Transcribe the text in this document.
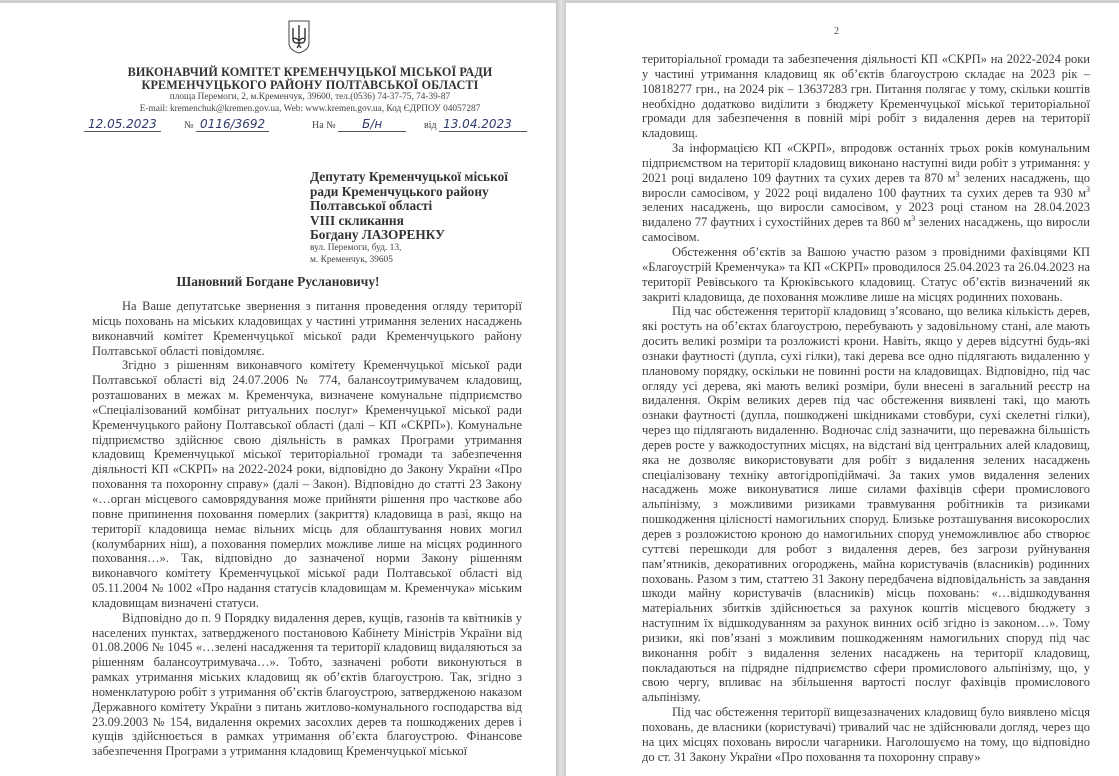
ВИКОНАВЧИЙ КОМІТЕТ КРЕМЕНЧУЦЬКОЇ МІСЬКОЇ РАДИ
КРЕМЕНЧУЦЬКОГО РАЙОНУ ПОЛТАВСЬКОЇ ОБЛАСТІ
площа Перемоги, 2, м.Кременчук, 39600, тел.(0536) 74-37-75, 74-39-87
E-mail: kremenchuk@kremen.gov.ua, Web: www.kremen.gov.ua, Код ЄДРПОУ 04057287
12.05.2023	№ 0116/3692	На № Б/н	від 13.04.2023
Депутату Кременчуцької міської
ради Кременчуцького району
Полтавської області
VIII скликання
Богдану ЛАЗОРЕНКУ
вул. Перемоги, буд. 13,
м. Кременчук, 39605
Шановний Богдане Руслановичу!

На Ваше депутатське звернення з питання проведення огляду території місць поховань на міських кладовищах у частині утримання зелених насаджень виконавчий комітет Кременчуцької міської ради Кременчуцького району Полтавської області повідомляє.

Згідно з рішенням виконавчого комітету Кременчуцької міської ради Полтавської області від 24.07.2006 № 774, балансоутримувачем кладовищ, розташованих в межах м. Кременчука, визначене комунальне підприємство «Спеціалізований комбінат ритуальних послуг» Кременчуцької міської ради Кременчуцького району Полтавської області (далі – КП «СКРП»). Комунальне підприємство здійснює свою діяльність в рамках Програми утримання кладовищ Кременчуцької міської територіальної громади та забезпечення діяльності КП «СКРП» на 2022-2024 роки, відповідно до Закону України «Про поховання та похоронну справу» (далі – Закон). Відповідно до статті 23 Закону «…орган місцевого самоврядування може прийняти рішення про часткове або повне припинення поховання померлих (закриття) кладовища в разі, якщо на території кладовища немає вільних місць для облаштування нових могил (колумбарних ніш), а поховання померлих можливе лише на місцях родинного поховання…». Так, відповідно до зазначеної норми Закону рішенням виконавчого комітету Кременчуцької міської ради Полтавської області від 05.11.2004 № 1002 «Про надання статусів кладовищам м. Кременчука» міським кладовищам визначені статуси.

Відповідно до п. 9 Порядку видалення дерев, кущів, газонів та квітників у населених пунктах, затвердженого постановою Кабінету Міністрів України від 01.08.2006 № 1045 «…зелені насадження та території кладовищ видаляються за рішенням балансоутримувача…». Тобто, зазначені роботи виконуються в рамках утримання міських кладовищ як об’єктів благоустрою. Так, згідно з номенклатурою робіт з утримання об’єктів благоустрою, затвердженою наказом Державного комітету України з питань житлово-комунального господарства від 23.09.2003 № 154, видалення окремих засохлих дерев та пошкоджених дерев і кущів здійснюється в рамках утримання об’єкта благоустрою. Фінансове забезпечення Програми з утримання кладовищ Кременчуцької міської

2

територіальної громади та забезпечення діяльності КП «СКРП» на 2022-2024 роки у частині утримання кладовищ як об’єктів благоустрою складає на 2023 рік – 10818277 грн., на 2024 рік – 13637283 грн. Питання полягає у тому, скільки коштів необхідно додатково виділити з бюджету Кременчуцької міської територіальної громади для забезпечення в повній мірі робіт з видалення дерев на території кладовищ.

За інформацією КП «СКРП», впродовж останніх трьох років комунальним підприємством на території кладовищ виконано наступні види робіт з утримання: у 2021 році видалено 109 фаутних та сухих дерев та 870 $м^3$ зелених насаджень, що виросли самосівом, у 2022 році видалено 100 фаутних та сухих дерев та 930 $м^3$ зелених насаджень, що виросли самосівом, у 2023 році станом на 28.04.2023 видалено 77 фаутних і сухостійних дерев та 860 $м^3$ зелених насаджень, що виросли самосівом.

Обстеження об’єктів за Вашою участю разом з провідними фахівцями КП «Благоустрій Кременчука» та КП «СКРП» проводилося 25.04.2023 та 26.04.2023 на території Ревівського та Крюківського кладовищ. Статус об’єктів визначений як закриті кладовища, де поховання можливе лише на місцях родинних поховань.

Під час обстеження території кладовищ з’ясовано, що велика кількість дерев, які ростуть на об’єктах благоустрою, перебувають у задовільному стані, але мають досить великі розміри та розложисті крони. Навіть, якщо у дерев відсутні будь-які ознаки фаутності (дупла, сухі гілки), такі дерева все одно підлягають видаленню у плановому порядку, оскільки не повинні рости на кладовищах. Відповідно, під час огляду усі дерева, які мають великі розміри, були внесені в загальний реєстр на видалення. Окрім великих дерев під час обстеження виявлені такі, що мають ознаки фаутності (дупла, пошкоджені шкідниками стовбури, сухі скелетні гілки), через що підлягають видаленню. Водночас слід зазначити, що переважна більшість дерев росте у важкодоступних місцях, на відстані від центральних алей кладовищ, яка не дозволяє використовувати для робіт з видалення зелених насаджень спеціалізовану техніку автогідропідіймачі. За таких умов видалення зелених насаджень може виконуватися лише силами фахівців сфери промислового альпінізму, з можливими ризиками травмування робітників та ризиками пошкодження цілісності намогильних споруд. Близьке розташування високорослих дерев з розложистою кроною до намогильних споруд унеможливлює або створює суттєві перешкоди для робот з видалення дерев, без загрози руйнування пам’ятників, декоративних огороджень, майна користувачів (власників) родинних поховань. Разом з тим, статтею 31 Закону передбачена відповідальність за завдання шкоди майну користувачів (власників) місць поховань: «…відшкодування матеріальних збитків здійснюється за рахунок коштів місцевого бюджету з наступним їх відшкодуванням за рахунок винних осіб згідно із законом…». Тому ризики, які пов’язані з можливим пошкодженням намогильних споруд під час виконання робіт з видалення зелених насаджень на території кладовищ, покладаються на підрядне підприємство сфери промислового альпінізму, що, у свою чергу, впливає на збільшення вартості послуг фахівців промислового альпінізму.

Під час обстеження території вищезазначених кладовищ було виявлено місця поховань, де власники (користувачі) тривалий час не здійснювали догляд, через що на цих місцях поховань виросли чагарники. Наголошуємо на тому, що відповідно до ст. 31 Закону України «Про поховання та похоронну справу»
